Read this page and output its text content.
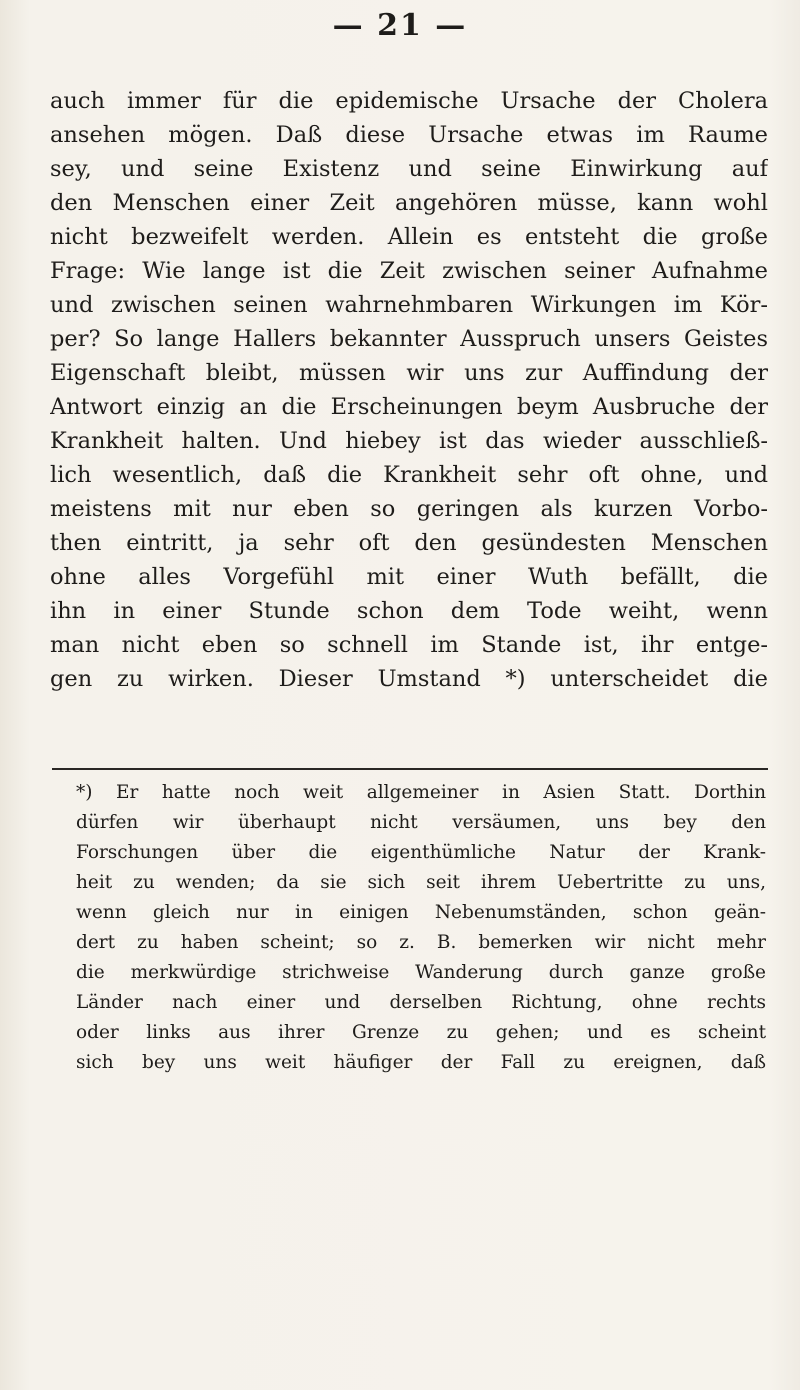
— 21 —
auch immer für die epidemische Ursache der Cholera
ansehen mögen. Daß diese Ursache etwas im Raume
sey, und seine Existenz und seine Einwirkung auf
den Menschen einer Zeit angehören müsse, kann wohl
nicht bezweifelt werden. Allein es entsteht die große
Frage: Wie lange ist die Zeit zwischen seiner Aufnahme
und zwischen seinen wahrnehmbaren Wirkungen im Kör-
per? So lange Hallers bekannter Ausspruch unsers Geistes
Eigenschaft bleibt, müssen wir uns zur Auffindung der
Antwort einzig an die Erscheinungen beym Ausbruche der
Krankheit halten. Und hiebey ist das wieder ausschließ-
lich wesentlich, daß die Krankheit sehr oft ohne, und
meistens mit nur eben so geringen als kurzen Vorbo-
then eintritt, ja sehr oft den gesündesten Menschen
ohne alles Vorgefühl mit einer Wuth befällt, die
ihn in einer Stunde schon dem Tode weiht, wenn
man nicht eben so schnell im Stande ist, ihr entge-
gen zu wirken. Dieser Umstand *) unterscheidet die
*) Er hatte noch weit allgemeiner in Asien Statt. Dorthin
dürfen wir überhaupt nicht versäumen, uns bey den
Forschungen über die eigenthümliche Natur der Krank-
heit zu wenden; da sie sich seit ihrem Uebertritte zu uns,
wenn gleich nur in einigen Nebenumständen, schon geän-
dert zu haben scheint; so z. B. bemerken wir nicht mehr
die merkwürdige strichweise Wanderung durch ganze große
Länder nach einer und derselben Richtung, ohne rechts
oder links aus ihrer Grenze zu gehen; und es scheint
sich bey uns weit häufiger der Fall zu ereignen, daß
